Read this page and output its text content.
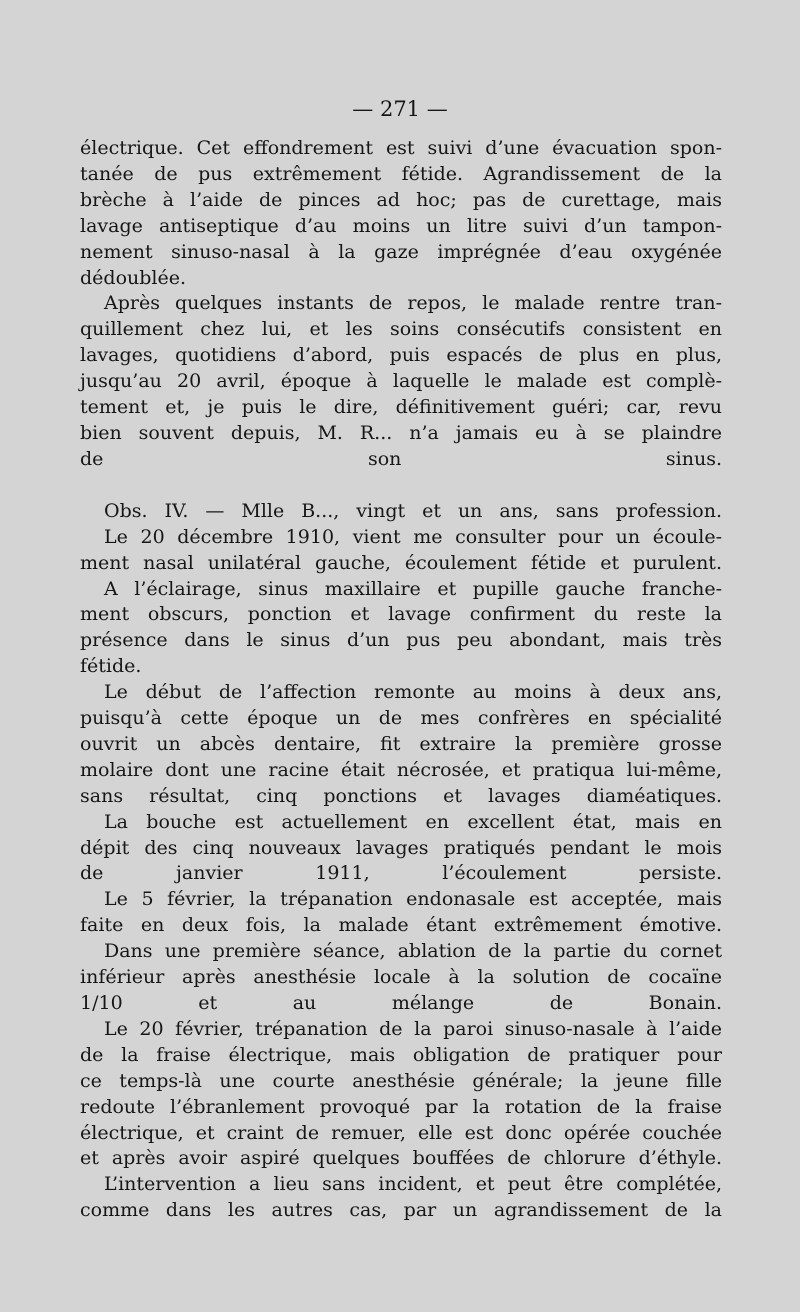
— 271 —
électrique. Cet effondrement est suivi d’une évacuation spon-
tanée de pus extrêmement fétide. Agrandissement de la
brèche à l’aide de pinces ad hoc; pas de curettage, mais
lavage antiseptique d’au moins un litre suivi d’un tampon-
nement sinuso-nasal à la gaze imprégnée d’eau oxygénée
dédoublée.
Après quelques instants de repos, le malade rentre tran-
quillement chez lui, et les soins consécutifs consistent en
lavages, quotidiens d’abord, puis espacés de plus en plus,
jusqu’au 20 avril, époque à laquelle le malade est complè-
tement et, je puis le dire, définitivement guéri; car, revu
bien souvent depuis, M. R... n’a jamais eu à se plaindre
de son sinus.
Obs. IV. — Mlle B..., vingt et un ans, sans profession.
Le 20 décembre 1910, vient me consulter pour un écoule-
ment nasal unilatéral gauche, écoulement fétide et purulent.
A l’éclairage, sinus maxillaire et pupille gauche franche-
ment obscurs, ponction et lavage confirment du reste la
présence dans le sinus d’un pus peu abondant, mais très
fétide.
Le début de l’affection remonte au moins à deux ans,
puisqu’à cette époque un de mes confrères en spécialité
ouvrit un abcès dentaire, fit extraire la première grosse
molaire dont une racine était nécrosée, et pratiqua lui-même,
sans résultat, cinq ponctions et lavages diaméatiques.
La bouche est actuellement en excellent état, mais en
dépit des cinq nouveaux lavages pratiqués pendant le mois
de janvier 1911, l’écoulement persiste.
Le 5 février, la trépanation endonasale est acceptée, mais
faite en deux fois, la malade étant extrêmement émotive.
Dans une première séance, ablation de la partie du cornet
inférieur après anesthésie locale à la solution de cocaïne
1/10 et au mélange de Bonain.
Le 20 février, trépanation de la paroi sinuso-nasale à l’aide
de la fraise électrique, mais obligation de pratiquer pour
ce temps-là une courte anesthésie générale; la jeune fille
redoute l’ébranlement provoqué par la rotation de la fraise
électrique, et craint de remuer, elle est donc opérée couchée
et après avoir aspiré quelques bouffées de chlorure d’éthyle.
L’intervention a lieu sans incident, et peut être complétée,
comme dans les autres cas, par un agrandissement de la
